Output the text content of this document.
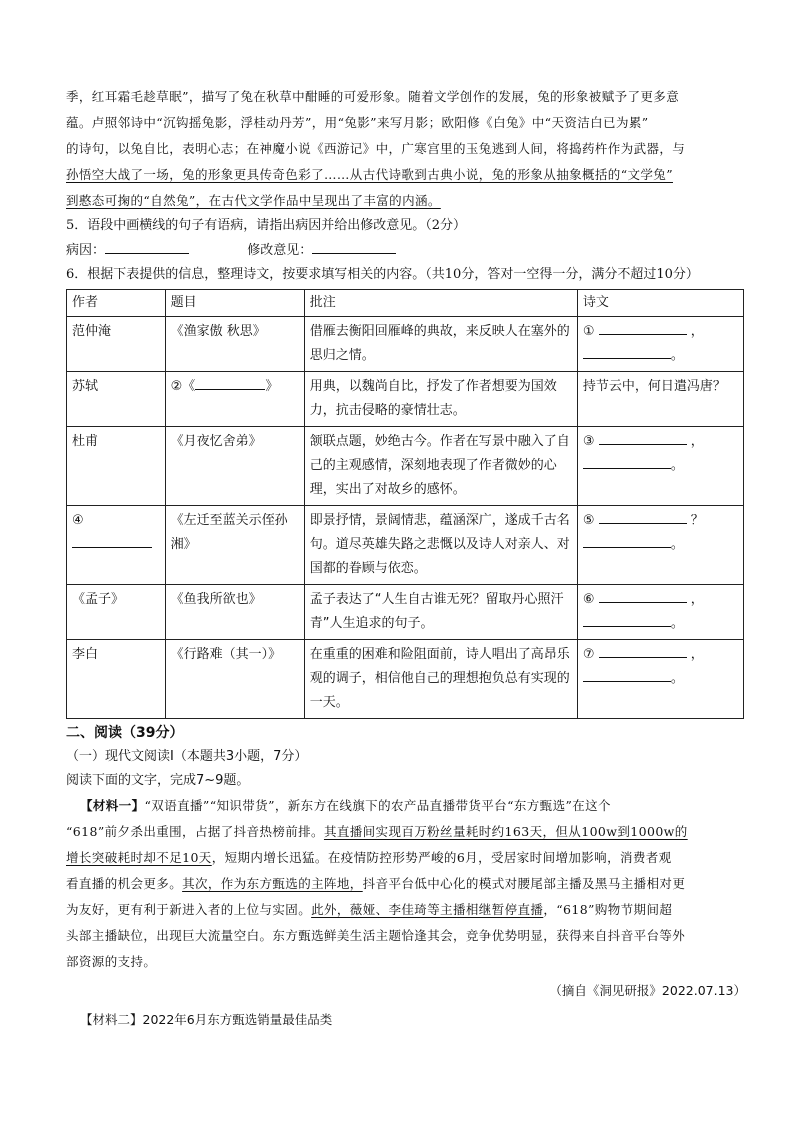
季，红耳霜毛趁草眠”，描写了兔在秋草中酣睡的可爱形象。随着文学创作的发展，兔的形象被赋予了更多意
蕴。卢照邻诗中“沉钩摇兔影，浮桂动丹芳”，用“兔影”来写月影；欧阳修《白兔》中“天资洁白已为累”
的诗句，以兔自比，表明心志；在神魔小说《西游记》中，广寒宫里的玉兔逃到人间，将捣药杵作为武器，与
孙悟空大战了一场，兔的形象更具传奇色彩了……从古代诗歌到古典小说，兔的形象从抽象概括的“文学兔”
到憨态可掬的“自然兔”，在古代文学作品中呈现出了丰富的内涵。
5．语段中画横线的句子有语病，请指出病因并给出修改意见。（2分）
病因：	修改意见：
6．根据下表提供的信息，整理诗文，按要求填写相关的内容。（共10分，答对一空得一分，满分不超过10分）
作者	题目	批注	诗文
范仲淹	《渔家傲 秋思》	借雁去衡阳回雁峰的典故，来反映人在塞外的思归之情。	① ，
。
苏轼	②《 》	用典，以魏尚自比，抒发了作者想要为国效力，抗击侵略的豪情壮志。	持节云中，何日遣冯唐？
杜甫	《月夜忆舍弟》	颔联点题，妙绝古今。作者在写景中融入了自己的主观感情，深刻地表现了作者微妙的心理，实出了对故乡的感怀。	③ ，
。
④	《左迁至蓝关示侄孙湘》	即景抒情，景阔情悲，蕴涵深广，遂成千古名句。道尽英雄失路之悲慨以及诗人对亲人、对国都的眷顾与依恋。	⑤ ？
。
《孟子》	《鱼我所欲也》	孟子表达了“人生自古谁无死？留取丹心照汗青”人生追求的句子。	⑥ ，
。
李白	《行路难（其一）》	在重重的困难和险阻面前，诗人唱出了高昂乐观的调子，相信他自己的理想抱负总有实现的一天。	⑦ ，
。
二、阅读（39分）
（一）现代文阅读Ⅰ（本题共3小题，7分）
阅读下面的文字，完成7~9题。
【材料一】“双语直播”“知识带货”，新东方在线旗下的农产品直播带货平台“东方甄选”在这个
“618”前夕杀出重围，占据了抖音热榜前排。其直播间实现百万粉丝量耗时约163天，但从100w到1000w的
增长突破耗时却不足10天，短期内增长迅猛。在疫情防控形势严峻的6月，受居家时间增加影响，消费者观
看直播的机会更多。其次，作为东方甄选的主阵地，抖音平台低中心化的模式对腰尾部主播及黑马主播相对更
为友好，更有利于新进入者的上位与实固。此外，薇娅、李佳琦等主播相继暂停直播，“618”购物节期间超
头部主播缺位，出现巨大流量空白。东方甄选鲜美生活主题恰逢其会，竞争优势明显，获得来自抖音平台等外
部资源的支持。
（摘自《洞见研报》2022.07.13）
【材料二】2022年6月东方甄选销量最佳品类
